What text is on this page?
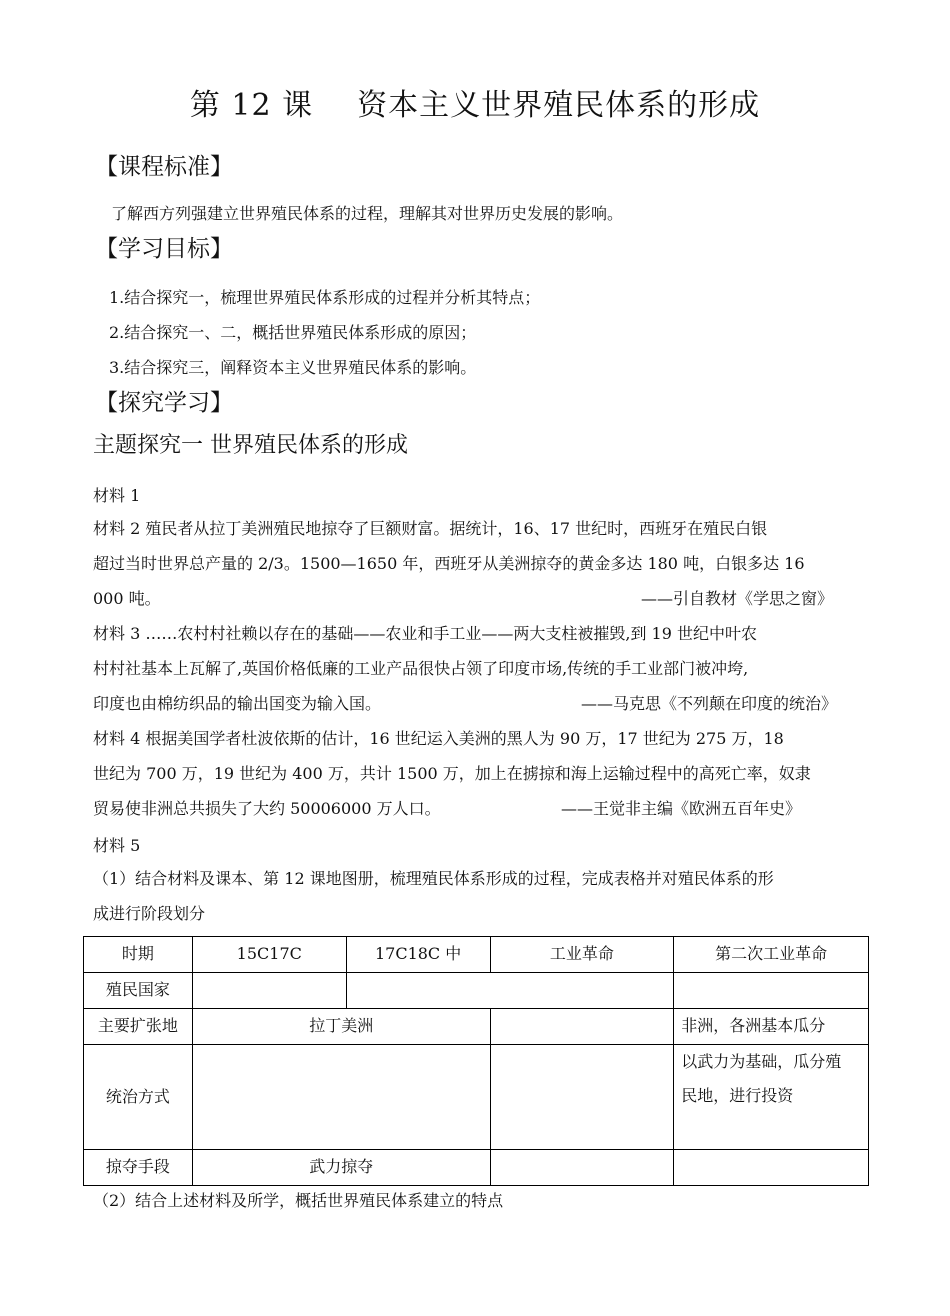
第 12 课 资本主义世界殖民体系的形成
【课程标准】
了解西方列强建立世界殖民体系的过程，理解其对世界历史发展的影响。
【学习目标】
1.结合探究一，梳理世界殖民体系形成的过程并分析其特点；
2.结合探究一、二，概括世界殖民体系形成的原因；
3.结合探究三，阐释资本主义世界殖民体系的影响。
【探究学习】
主题探究一 世界殖民体系的形成
材料 1
材料 2 殖民者从拉丁美洲殖民地掠夺了巨额财富。据统计，16、17 世纪时，西班牙在殖民白银
超过当时世界总产量的 2/3。1500—1650 年，西班牙从美洲掠夺的黄金多达 180 吨，白银多达 16
000 吨。	——引自教材《学思之窗》
材料 3 ……农村村社赖以存在的基础——农业和手工业——两大支柱被摧毁,到 19 世纪中叶农
村村社基本上瓦解了,英国价格低廉的工业产品很快占领了印度市场,传统的手工业部门被冲垮,
印度也由棉纺织品的输出国变为输入国。	——马克思《不列颠在印度的统治》
材料 4 根据美国学者杜波依斯的估计，16 世纪运入美洲的黑人为 90 万，17 世纪为 275 万，18
世纪为 700 万，19 世纪为 400 万，共计 1500 万，加上在掳掠和海上运输过程中的高死亡率，奴隶
贸易使非洲总共损失了大约 50006000 万人口。	——王觉非主编《欧洲五百年史》
材料 5
（1）结合材料及课本、第 12 课地图册，梳理殖民体系形成的过程，完成表格并对殖民体系的形
成进行阶段划分
时期	15C17C	17C18C 中	工业革命	第二次工业革命
殖民国家				
主要扩张地	拉丁美洲			非洲，各洲基本瓜分
统治方式				以武力为基础，瓜分殖
民地，进行投资

掠夺手段	武力掠夺			
（2）结合上述材料及所学，概括世界殖民体系建立的特点
